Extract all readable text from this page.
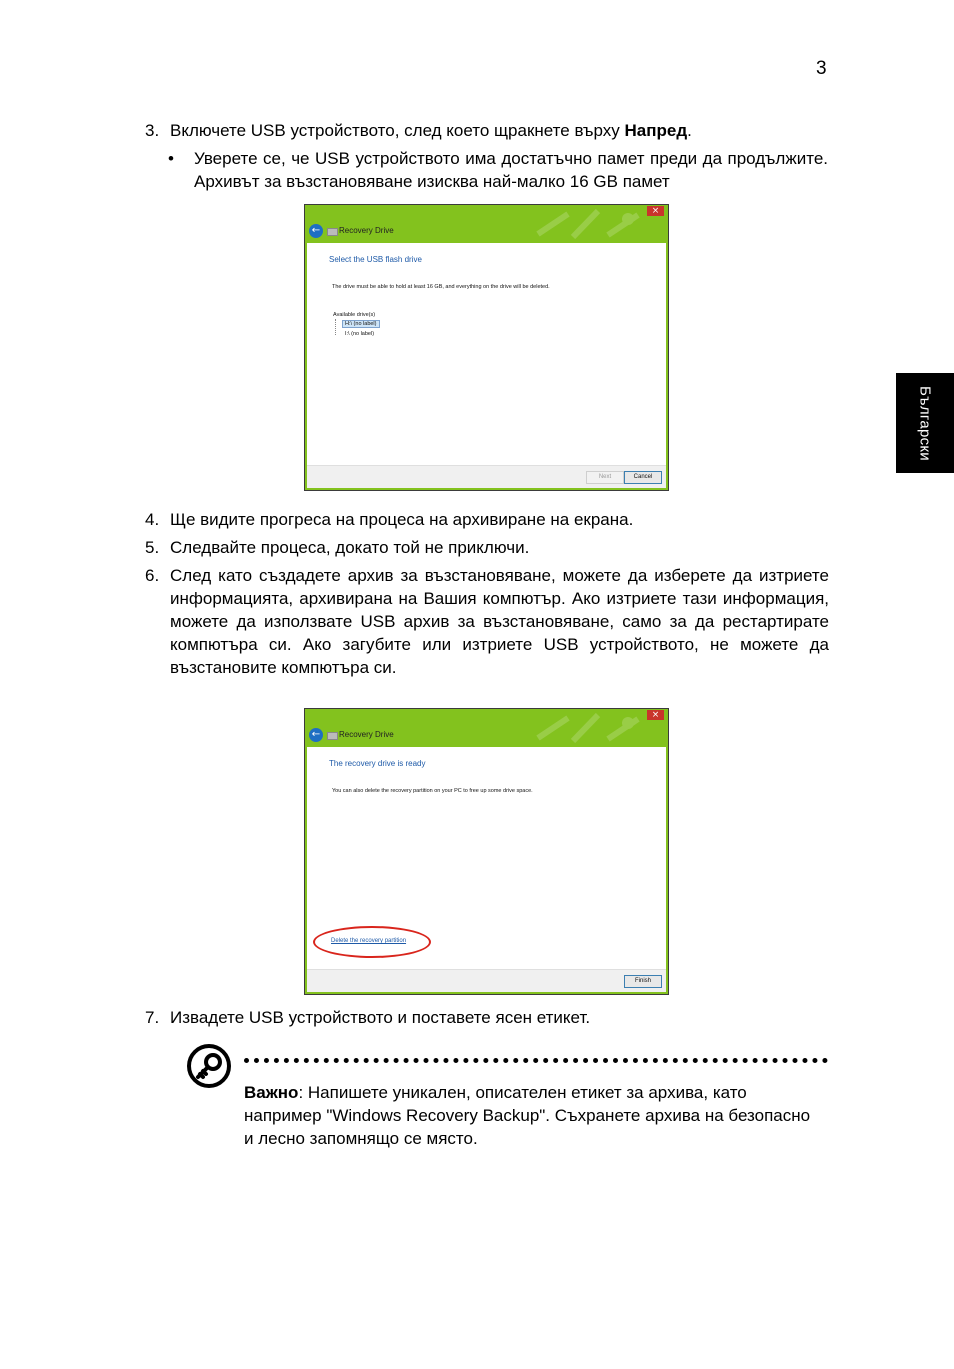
3
Български
3. Включете USB устройството, след което щракнете върху Напред.
• Уверете се, че USB устройството има достатъчно памет преди да продължите. Архивът за възстановяване изисква най-малко 16 GB памет
×
←	Recovery Drive
Select the USB flash drive
The drive must be able to hold at least 16 GB, and everything on the drive will be deleted.
Available drive(s)
H:\ (no label)
I:\ (no label)
Next	Cancel
4. Ще видите прогреса на процеса на архивиране на екрана.
5. Следвайте процеса, докато той не приключи.
6. След като създадете архив за възстановяване, можете да изберете да изтриете информацията, архивирана на Вашия компютър. Ако изтриете тази информация, можете да използвате USB архив за възстановяване, само за да рестартирате компютъра си. Ако загубите или изтриете USB устройството, не можете да възстановите компютъра си.
×
←	Recovery Drive
The recovery drive is ready
You can also delete the recovery partition on your PC to free up some drive space.
Delete the recovery partition
Finish
7. Извадете USB устройството и поставете ясен етикет.
Важно: Напишете уникален, описателен етикет за архива, като например "Windows Recovery Backup". Съхранете архива на безопасно и лесно запомнящо се място.
